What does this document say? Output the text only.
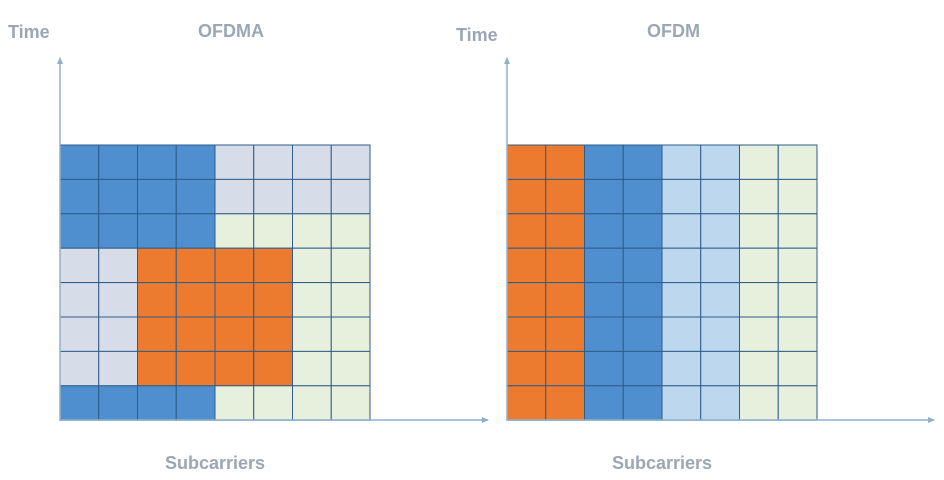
Time	OFDMA
Subcarriers
Time	OFDM
Subcarriers
